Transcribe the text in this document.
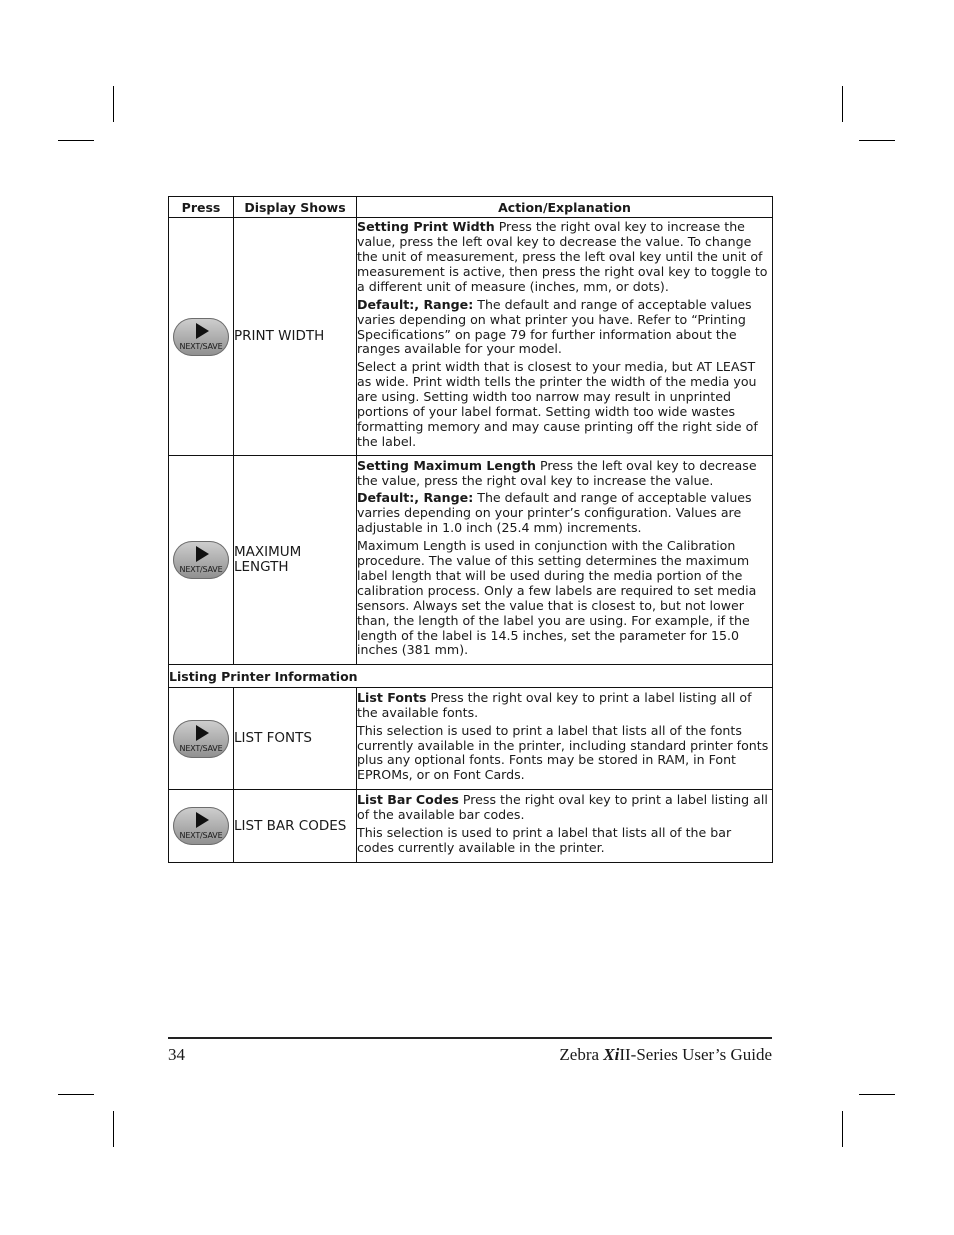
Press	Display Shows	Action/Explanation

NEXT/SAVE	PRINT WIDTH	Setting Print Width Press the right oval key to increase the value, press the left oval key to decrease the value. To change the unit of measurement, press the left oval key until the unit of measurement is active, then press the right oval key to toggle to a different unit of measure (inches, mm, or dots).

Default:, Range: The default and range of acceptable values varies depending on what printer you have. Refer to “Printing Specifications” on page 79 for further information about the ranges available for your model.

Select a print width that is closest to your media, but AT LEAST as wide. Print width tells the printer the width of the media you are using. Setting width too narrow may result in unprinted portions of your label format. Setting width too wide wastes formatting memory and may cause printing off the right side of the label.

NEXT/SAVE	MAXIMUM LENGTH	Setting Maximum Length Press the left oval key to decrease the value, press the right oval key to increase the value.

Default:, Range: The default and range of acceptable values varries depending on your printer’s configuration. Values are adjustable in 1.0 inch (25.4 mm) increments.

Maximum Length is used in conjunction with the Calibration procedure. The value of this setting determines the maximum label length that will be used during the media portion of the calibration process. Only a few labels are required to set media sensors. Always set the value that is closest to, but not lower than, the length of the label you are using. For example, if the length of the label is 14.5 inches, set the parameter for 15.0 inches (381 mm).

Listing Printer Information		

NEXT/SAVE	LIST FONTS	List Fonts Press the right oval key to print a label listing all of the available fonts.

This selection is used to print a label that lists all of the fonts currently available in the printer, including standard printer fonts plus any optional fonts. Fonts may be stored in RAM, in Font EPROMs, or on Font Cards.

NEXT/SAVE	LIST BAR CODES	List Bar Codes Press the right oval key to print a label listing all of the available bar codes.

This selection is used to print a label that lists all of the bar codes currently available in the printer.

34	Zebra XiII-Series User’s Guide
